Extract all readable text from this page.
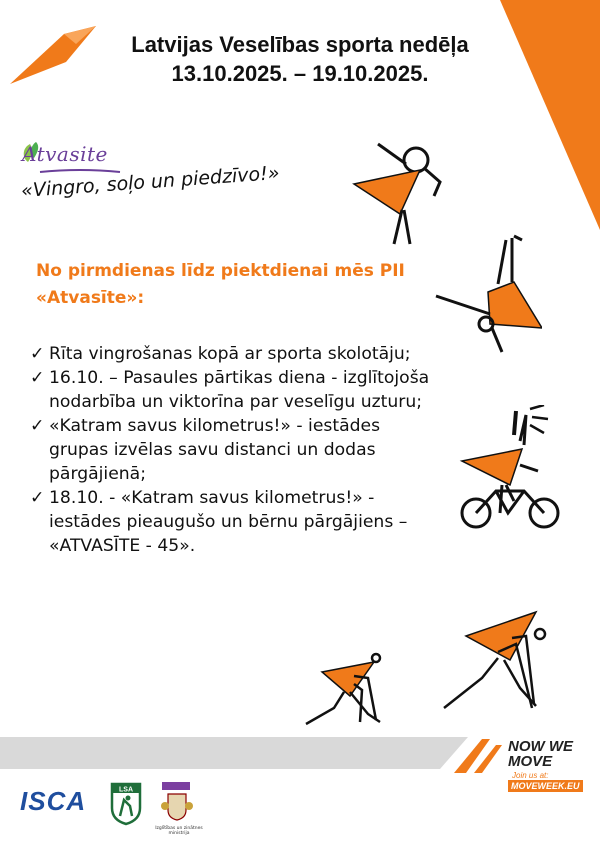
Latvijas Veselības sporta nedēļa
13.10.2025. – 19.10.2025.
Atvasite
«Vingro, soļo un piedzīvo!»
No pirmdienas līdz piektdienai mēs PII «Atvasīte»:
✓ Rīta vingrošanas kopā ar sporta skolotāju;
✓ 16.10. – Pasaules pārtikas diena - izglītojoša nodarbība un viktorīna par veselīgu uzturu;
✓ «Katram savus kilometrus!» - iestādes grupas izvēlas savu distanci un dodas pārgājienā;
✓ 18.10. - «Katram savus kilometrus!» - iestādes pieaugušo un bērnu pārgājiens – «ATVASĪTE - 45».
NOW WE MOVE
Join us at:
MOVEWEEK.EU
ISCA	LSA
Izglītības un zinātnes ministrija
